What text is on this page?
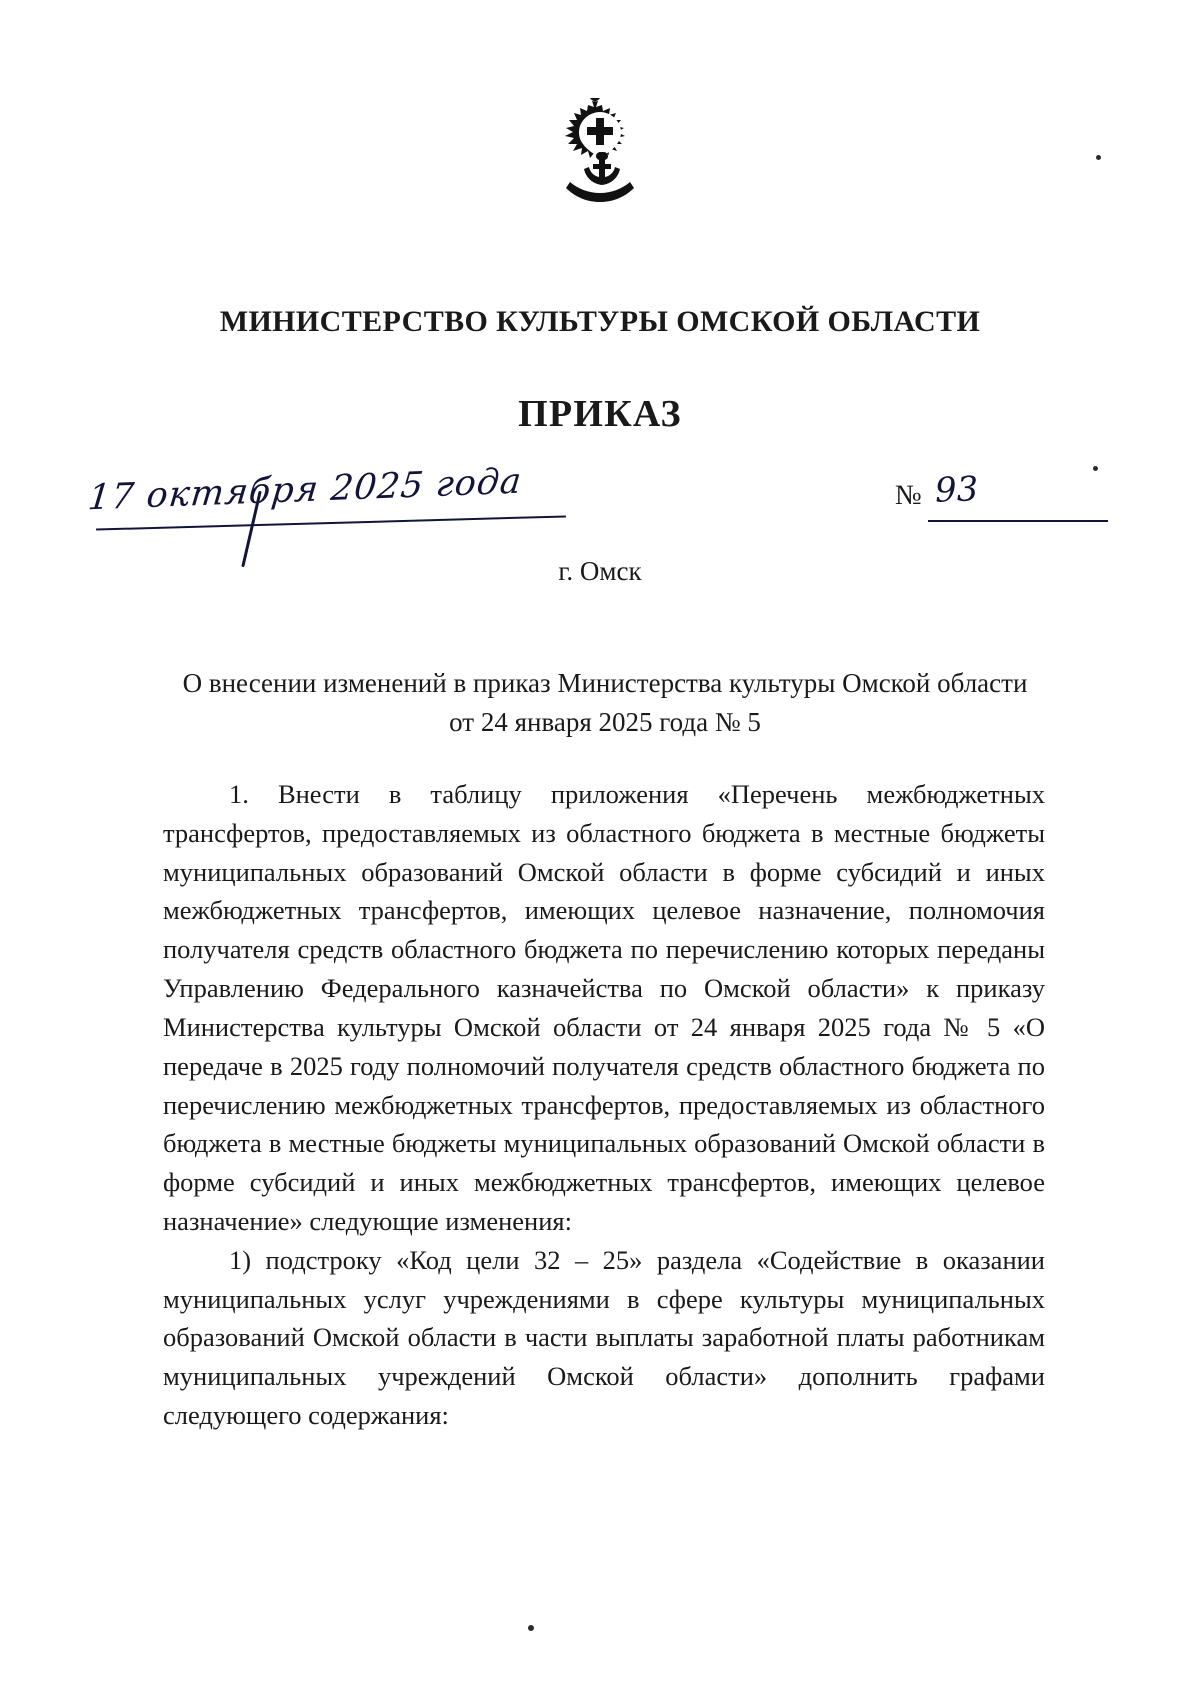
МИНИСТЕРСТВО КУЛЬТУРЫ ОМСКОЙ ОБЛАСТИ
ПРИКАЗ
17 октября 2025 года	№ 93
г. Омск
О внесении изменений в приказ Министерства культуры Омской области
от 24 января 2025 года № 5

1. Внести в таблицу приложения «Перечень межбюджетных трансфертов, предоставляемых из областного бюджета в местные бюджеты муниципальных образований Омской области в форме субсидий и иных межбюджетных трансфертов, имеющих целевое назначение, полномочия получателя средств областного бюджета по перечислению которых переданы Управлению Федерального казначейства по Омской области» к приказу Министерства культуры Омской области от 24 января 2025 года № 5 «О передаче в 2025 году полномочий получателя средств областного бюджета по перечислению межбюджетных трансфертов, предоставляемых из областного бюджета в местные бюджеты муниципальных образований Омской области в форме субсидий и иных межбюджетных трансфертов, имеющих целевое назначение» следующие изменения:

1) подстроку «Код цели 32 – 25» раздела «Содействие в оказании муниципальных услуг учреждениями в сфере культуры муниципальных образований Омской области в части выплаты заработной платы работникам муниципальных учреждений Омской области» дополнить графами следующего содержания:
